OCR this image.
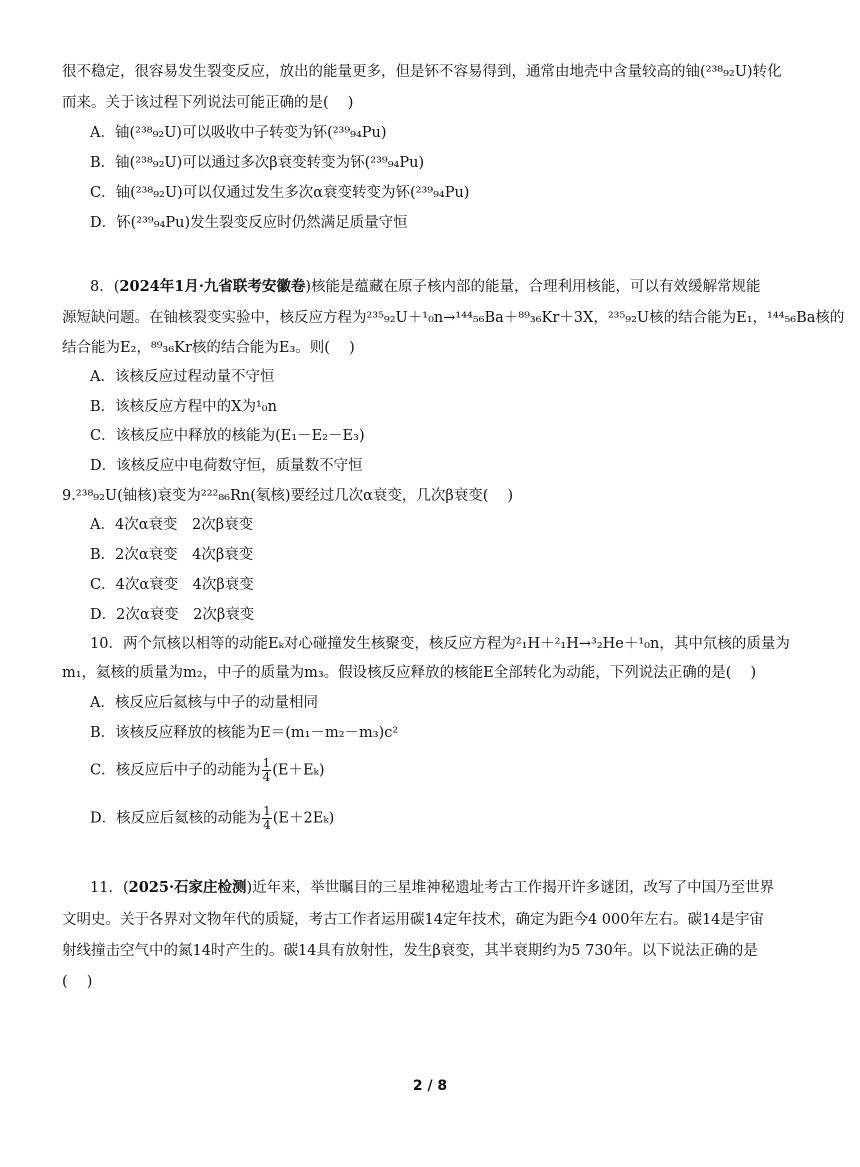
很不稳定，很容易发生裂变反应，放出的能量更多，但是钚不容易得到，通常由地壳中含量较高的铀(²³⁸₉₂U)转化
而来。关于该过程下列说法可能正确的是(　 )
A．铀(²³⁸₉₂U)可以吸收中子转变为钚(²³⁹₉₄Pu)
B．铀(²³⁸₉₂U)可以通过多次β衰变转变为钚(²³⁹₉₄Pu)
C．铀(²³⁸₉₂U)可以仅通过发生多次α衰变转变为钚(²³⁹₉₄Pu)
D．钚(²³⁹₉₄Pu)发生裂变反应时仍然满足质量守恒
8．(2024年1月·九省联考安徽卷)核能是蕴藏在原子核内部的能量，合理利用核能，可以有效缓解常规能
源短缺问题。在铀核裂变实验中，核反应方程为²³⁵₉₂U＋¹₀n→¹⁴⁴₅₆Ba＋⁸⁹₃₆Kr＋3X，²³⁵₉₂U核的结合能为E₁，¹⁴⁴₅₆Ba核的
结合能为E₂，⁸⁹₃₆Kr核的结合能为E₃。则(　 )
A．该核反应过程动量不守恒
B．该核反应方程中的X为¹₀n
C．该核反应中释放的核能为(E₁－E₂－E₃)
D．该核反应中电荷数守恒，质量数不守恒
9.²³⁸₉₂U(铀核)衰变为²²²₈₆Rn(氡核)要经过几次α衰变，几次β衰变(　 )
A．4次α衰变　2次β衰变
B．2次α衰变　4次β衰变
C．4次α衰变　4次β衰变
D．2次α衰变　2次β衰变
10．两个氘核以相等的动能Eₖ对心碰撞发生核聚变，核反应方程为²₁H＋²₁H→³₂He＋¹₀n，其中氘核的质量为
m₁，氦核的质量为m₂，中子的质量为m₃。假设核反应释放的核能E全部转化为动能，下列说法正确的是(　 )
A．核反应后氦核与中子的动量相同
B．该核反应释放的核能为E＝(m₁－m₂－m₃)c²
C．核反应后中子的动能为 $\frac{1}{4} (E+E_k)$
D．核反应后氦核的动能为 $\frac{1}{4} (E+2E_k)$
11．(2025·石家庄检测)近年来，举世瞩目的三星堆神秘遗址考古工作揭开许多谜团，改写了中国乃至世界
文明史。关于各界对文物年代的质疑，考古工作者运用碳14定年技术，确定为距今4 000年左右。碳14是宇宙
射线撞击空气中的氮14时产生的。碳14具有放射性，发生β衰变，其半衰期约为5 730年。以下说法正确的是
(　 )
2 / 8
